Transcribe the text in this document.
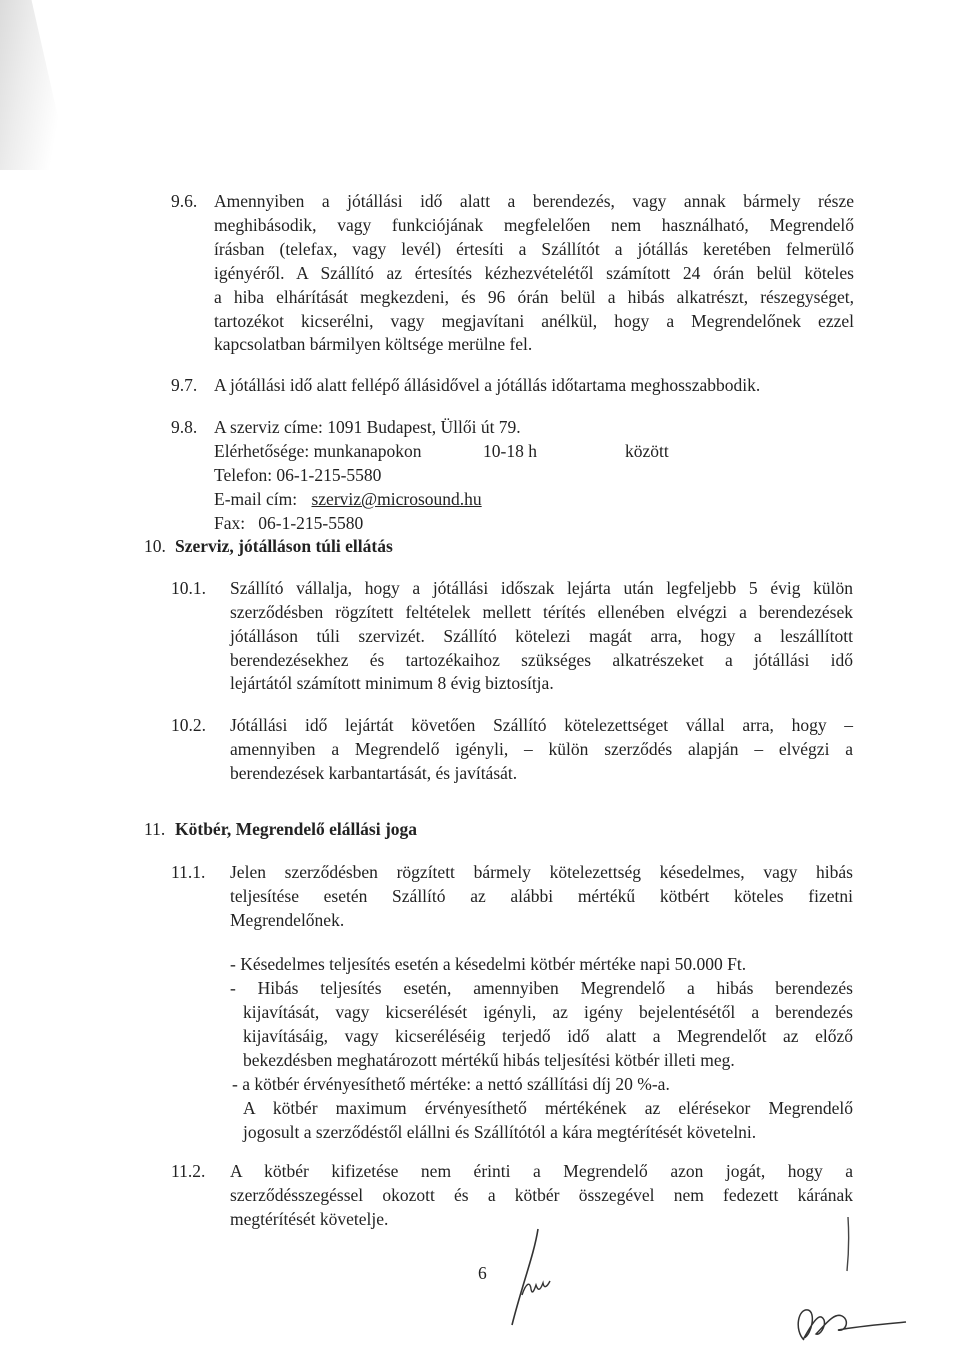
9.6. Amennyiben a jótállási idő alatt a berendezés, vagy annak bármely része
meghibásodik, vagy funkciójának megfelelően nem használható, Megrendelő
írásban (telefax, vagy levél) értesíti a Szállítót a jótállás keretében felmerülő
igényéről. A Szállító az értesítés kézhezvételétől számított 24 órán belül köteles
a hiba elhárítását megkezdeni, és 96 órán belül a hibás alkatrészt, részegységet,
tartozékot kicserélni, vagy megjavítani anélkül, hogy a Megrendelőnek ezzel
kapcsolatban bármilyen költsége merülne fel.
9.7. A jótállási idő alatt fellépő állásidővel a jótállás időtartama meghosszabbodik.
9.8. A szerviz címe: 1091 Budapest, Üllői út 79.
Elérhetősége: munkanapokon	10-18 h	között
Telefon: 06-1-215-5580
E-mail cím: szerviz@microsound.hu
Fax:   06-1-215-5580
10. Szerviz, jótálláson túli ellátás
10.1. Szállító vállalja, hogy a jótállási időszak lejárta után legfeljebb 5 évig külön
szerződésben rögzített feltételek mellett térítés ellenében elvégzi a berendezések
jótálláson túli szervizét. Szállító kötelezi magát arra, hogy a leszállított
berendezésekhez és tartozékaihoz szükséges alkatrészeket a jótállási idő
lejártától számított minimum 8 évig biztosítja.
10.2. Jótállási idő lejártát követően Szállító kötelezettséget vállal arra, hogy –
amennyiben a Megrendelő igényli, – külön szerződés alapján – elvégzi a
berendezések karbantartását, és javítását.
11. Kötbér, Megrendelő elállási joga
11.1. Jelen szerződésben rögzített bármely kötelezettség késedelmes, vagy hibás
teljesítése esetén Szállító az alábbi mértékű kötbért köteles fizetni
Megrendelőnek.
- Késedelmes teljesítés esetén a késedelmi kötbér mértéke napi 50.000 Ft.
- Hibás teljesítés esetén, amennyiben Megrendelő a hibás berendezés
kijavítását, vagy kicserélését igényli, az igény bejelentésétől a berendezés
kijavításáig, vagy kicseréléséig terjedő idő alatt a Megrendelőt az előző
bekezdésben meghatározott mértékű hibás teljesítési kötbér illeti meg.
- a kötbér érvényesíthető mértéke: a nettó szállítási díj 20 %-a.
A kötbér maximum érvényesíthető mértékének az elérésekor Megrendelő
jogosult a szerződéstől elállni és Szállítótól a kára megtérítését követelni.
11.2. A kötbér kifizetése nem érinti a Megrendelő azon jogát, hogy a
szerződésszegéssel okozott és a kötbér összegével nem fedezett kárának
megtérítését követelje.
6
